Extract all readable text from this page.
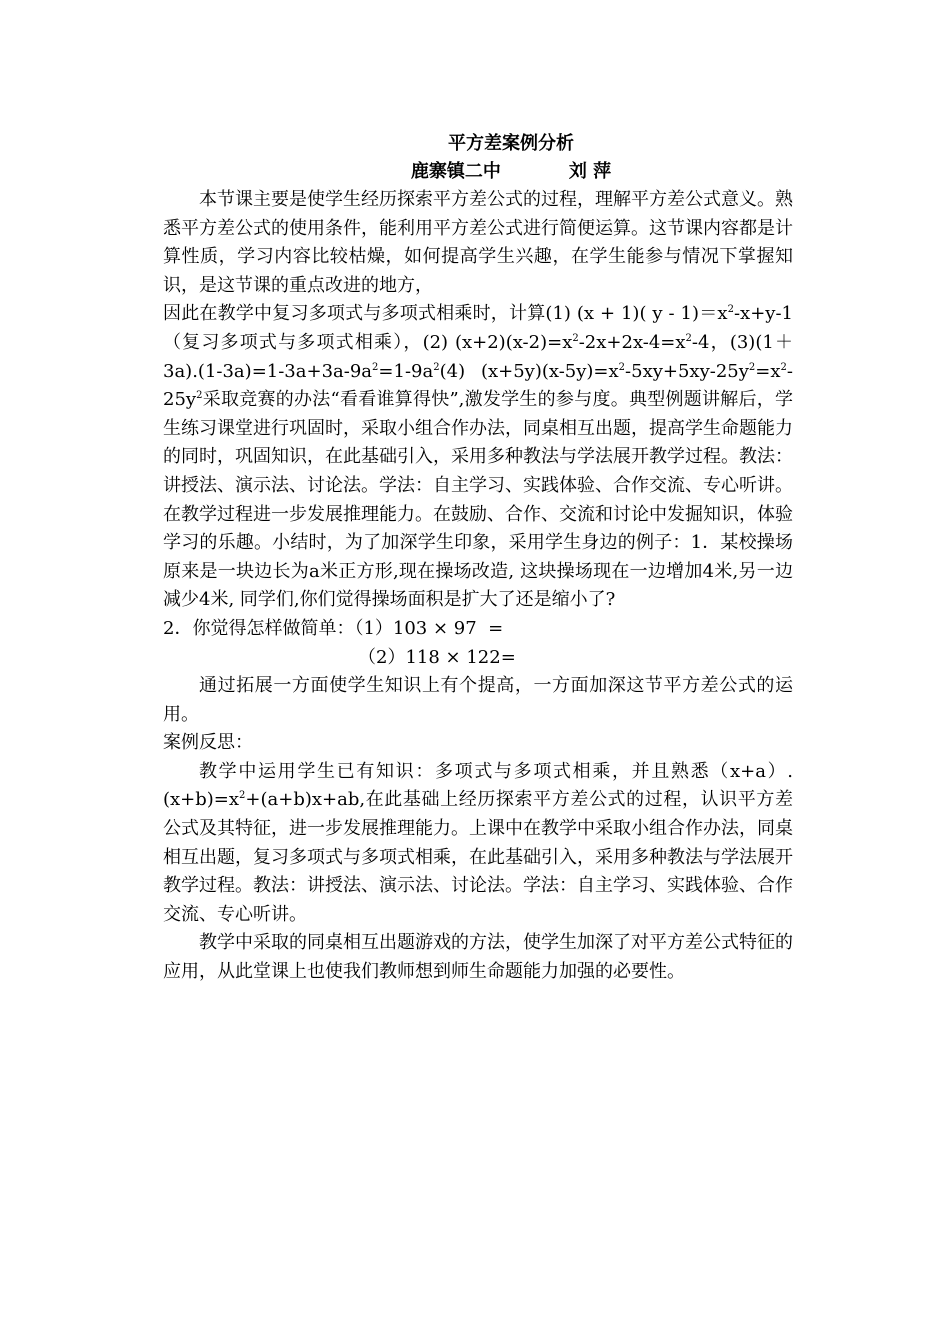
平方差案例分析

鹿寨镇二中	刘 萍

本节课主要是使学生经历探索平方差公式的过程，理解平方差公式意义。熟悉平方差公式的使用条件，能利用平方差公式进行简便运算。这节课内容都是计算性质，学习内容比较枯燥，如何提高学生兴趣，在学生能参与情况下掌握知识，是这节课的重点改进的地方，

因此在教学中复习多项式与多项式相乘时，计算(1) (x + 1)( $y - 1)=x^2-x+y-1$（复习多项式与多项式相乘），(2) $(x+2)(x-2)=x^2-2x+2x-4=x^2-4$，$(3)(1+3a).(1-3a)=1-3a+3a-9a^2=1-9a^2(4)$ $(x+5y)(x-5y)=x^2-5xy+5xy-25y^2=x^2-25y^2$采取竞赛的办法“看看谁算得快”,激发学生的参与度。典型例题讲解后，学生练习课堂进行巩固时，采取小组合作办法，同桌相互出题，提高学生命题能力的同时，巩固知识，在此基础引入，采用多种教法与学法展开教学过程。教法：讲授法、演示法、讨论法。学法：自主学习、实践体验、合作交流、专心听讲。在教学过程进一步发展推理能力。在鼓励、合作、交流和讨论中发掘知识，体验学习的乐趣。小结时，为了加深学生印象，采用学生身边的例子：1．某校操场原来是一块边长为a米正方形,现在操场改造, 这块操场现在一边增加4米,另一边减少4米, 同学们,你们觉得操场面积是扩大了还是缩小了?

2．你觉得怎样做简单：（1）103 × 97  =

（2）118 × 122=

通过拓展一方面使学生知识上有个提高，一方面加深这节平方差公式的运用。

案例反思：

教学中运用学生已有知识：多项式与多项式相乘，并且熟悉$(x+a).(x+b)=x^2+(a+b)x+ab$,在此基础上经历探索平方差公式的过程，认识平方差公式及其特征，进一步发展推理能力。上课中在教学中采取小组合作办法，同桌相互出题，复习多项式与多项式相乘，在此基础引入，采用多种教法与学法展开教学过程。教法：讲授法、演示法、讨论法。学法：自主学习、实践体验、合作交流、专心听讲。

教学中采取的同桌相互出题游戏的方法，使学生加深了对平方差公式特征的应用，从此堂课上也使我们教师想到师生命题能力加强的必要性。
